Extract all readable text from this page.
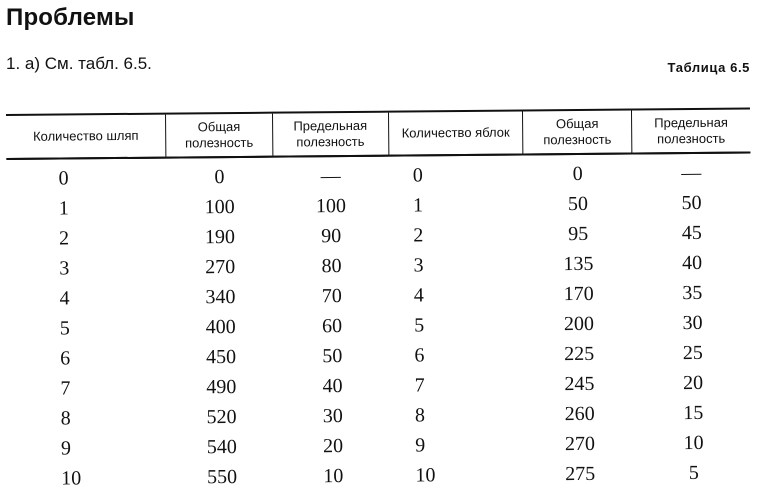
Проблемы
1. а) См. табл. 6.5.	Таблица 6.5
Количество шляп	Общая полезность	Предельная полезность	Количество яблок	Общая полезность	Предельная полезность
0	0	—	0	0	—
1	100	100	1	50	50
2	190	90	2	95	45
3	270	80	3	135	40
4	340	70	4	170	35
5	400	60	5	200	30
6	450	50	6	225	25
7	490	40	7	245	20
8	520	30	8	260	15
9	540	20	9	270	10
10	550	10	10	275	5
